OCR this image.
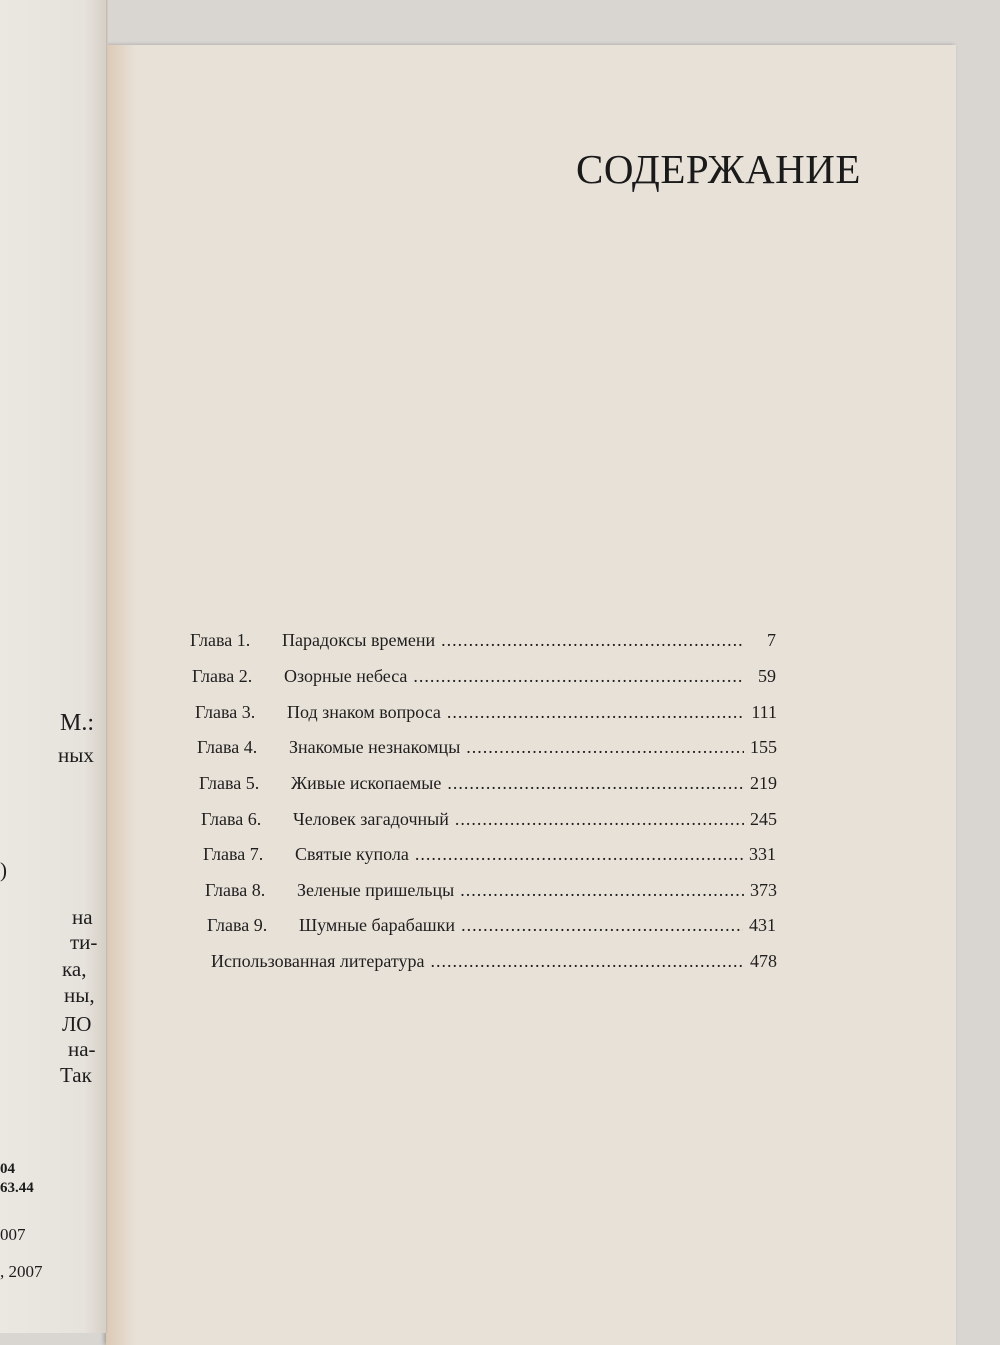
М.:
ных
)
на
ти-
ка,
ны,
ЛО
на-
Так
04
63.44
007
, 2007
СОДЕРЖАНИЕ
Глава 1.	Парадоксы времени .....	7
Глава 2.	Озорные небеса .....	59
Глава 3.	Под знаком вопроса .....	111
Глава 4.	Знакомые незнакомцы .....	155
Глава 5.	Живые ископаемые .....	219
Глава 6.	Человек загадочный .....	245
Глава 7.	Святые купола .....	331
Глава 8.	Зеленые пришельцы .....	373
Глава 9.	Шумные барабашки .....	431
Использованная литература .....	478
